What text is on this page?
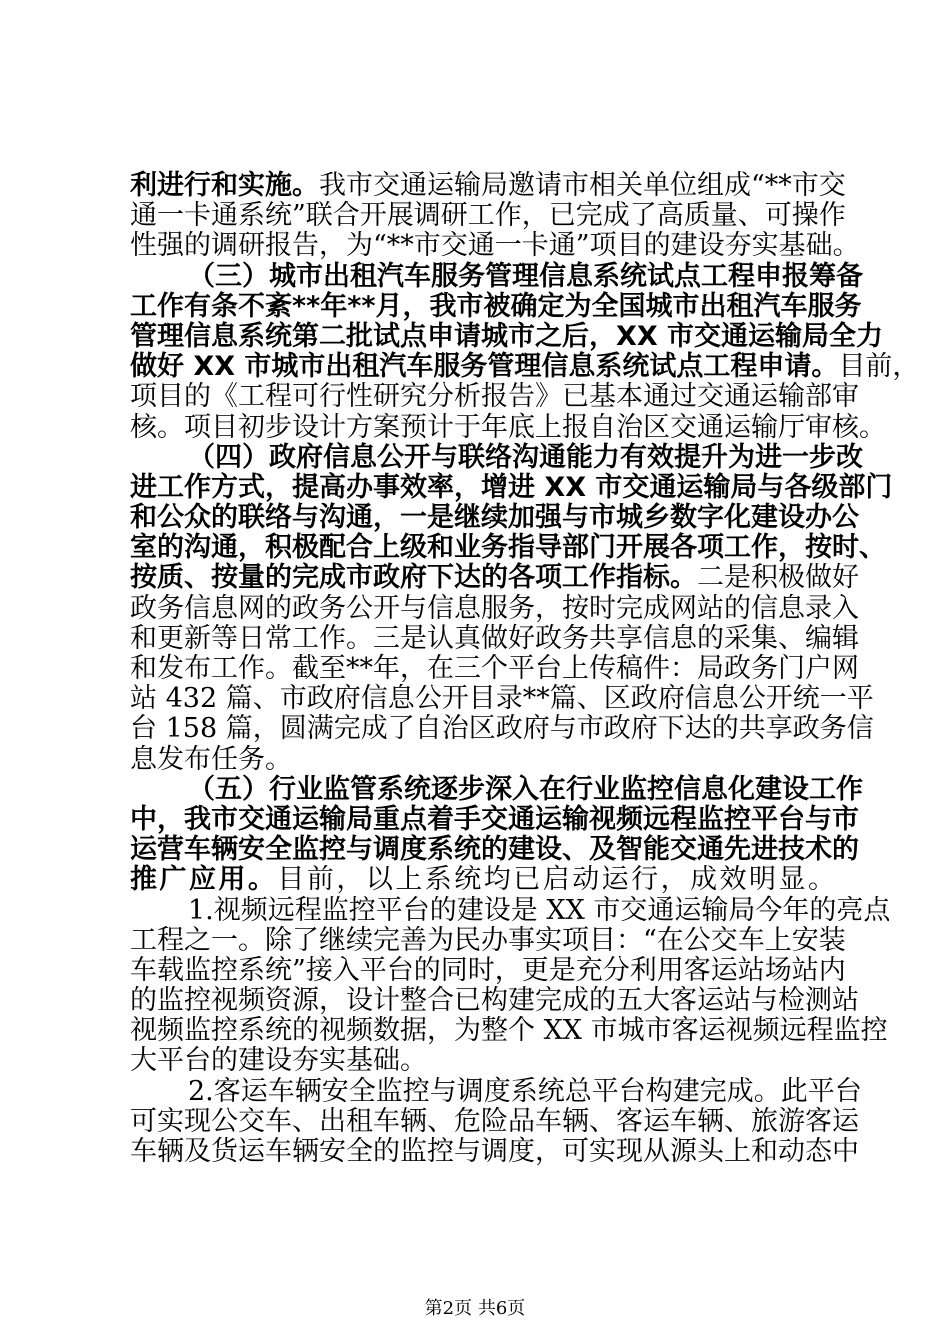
利进行和实施。我市交通运输局邀请市相关单位组成“**市交
通一卡通系统”联合开展调研工作，已完成了高质量、可操作
性强的调研报告，为“**市交通一卡通”项目的建设夯实基础。
（三）城市出租汽车服务管理信息系统试点工程申报筹备
工作有条不紊**年**月，我市被确定为全国城市出租汽车服务
管理信息系统第二批试点申请城市之后，XX 市交通运输局全力
做好 XX 市城市出租汽车服务管理信息系统试点工程申请。目前，
项目的《工程可行性研究分析报告》已基本通过交通运输部审
核。项目初步设计方案预计于年底上报自治区交通运输厅审核。
（四）政府信息公开与联络沟通能力有效提升为进一步改
进工作方式，提高办事效率，增进 XX 市交通运输局与各级部门
和公众的联络与沟通，一是继续加强与市城乡数字化建设办公
室的沟通，积极配合上级和业务指导部门开展各项工作，按时、
按质、按量的完成市政府下达的各项工作指标。二是积极做好
政务信息网的政务公开与信息服务，按时完成网站的信息录入
和更新等日常工作。三是认真做好政务共享信息的采集、编辑
和发布工作。截至**年，在三个平台上传稿件：局政务门户网
站 432 篇、市政府信息公开目录**篇、区政府信息公开统一平
台 158 篇，圆满完成了自治区政府与市政府下达的共享政务信
息发布任务。
（五）行业监管系统逐步深入在行业监控信息化建设工作
中，我市交通运输局重点着手交通运输视频远程监控平台与市
运营车辆安全监控与调度系统的建设、及智能交通先进技术的
推广应用。目前，以上系统均已启动运行，成效明显。
1.视频远程监控平台的建设是 XX 市交通运输局今年的亮点
工程之一。除了继续完善为民办事实项目：“在公交车上安装
车载监控系统”接入平台的同时，更是充分利用客运站场站内
的监控视频资源，设计整合已构建完成的五大客运站与检测站
视频监控系统的视频数据，为整个 XX 市城市客运视频远程监控
大平台的建设夯实基础。
2.客运车辆安全监控与调度系统总平台构建完成。此平台
可实现公交车、出租车辆、危险品车辆、客运车辆、旅游客运
车辆及货运车辆安全的监控与调度，可实现从源头上和动态中
第2页 共6页
